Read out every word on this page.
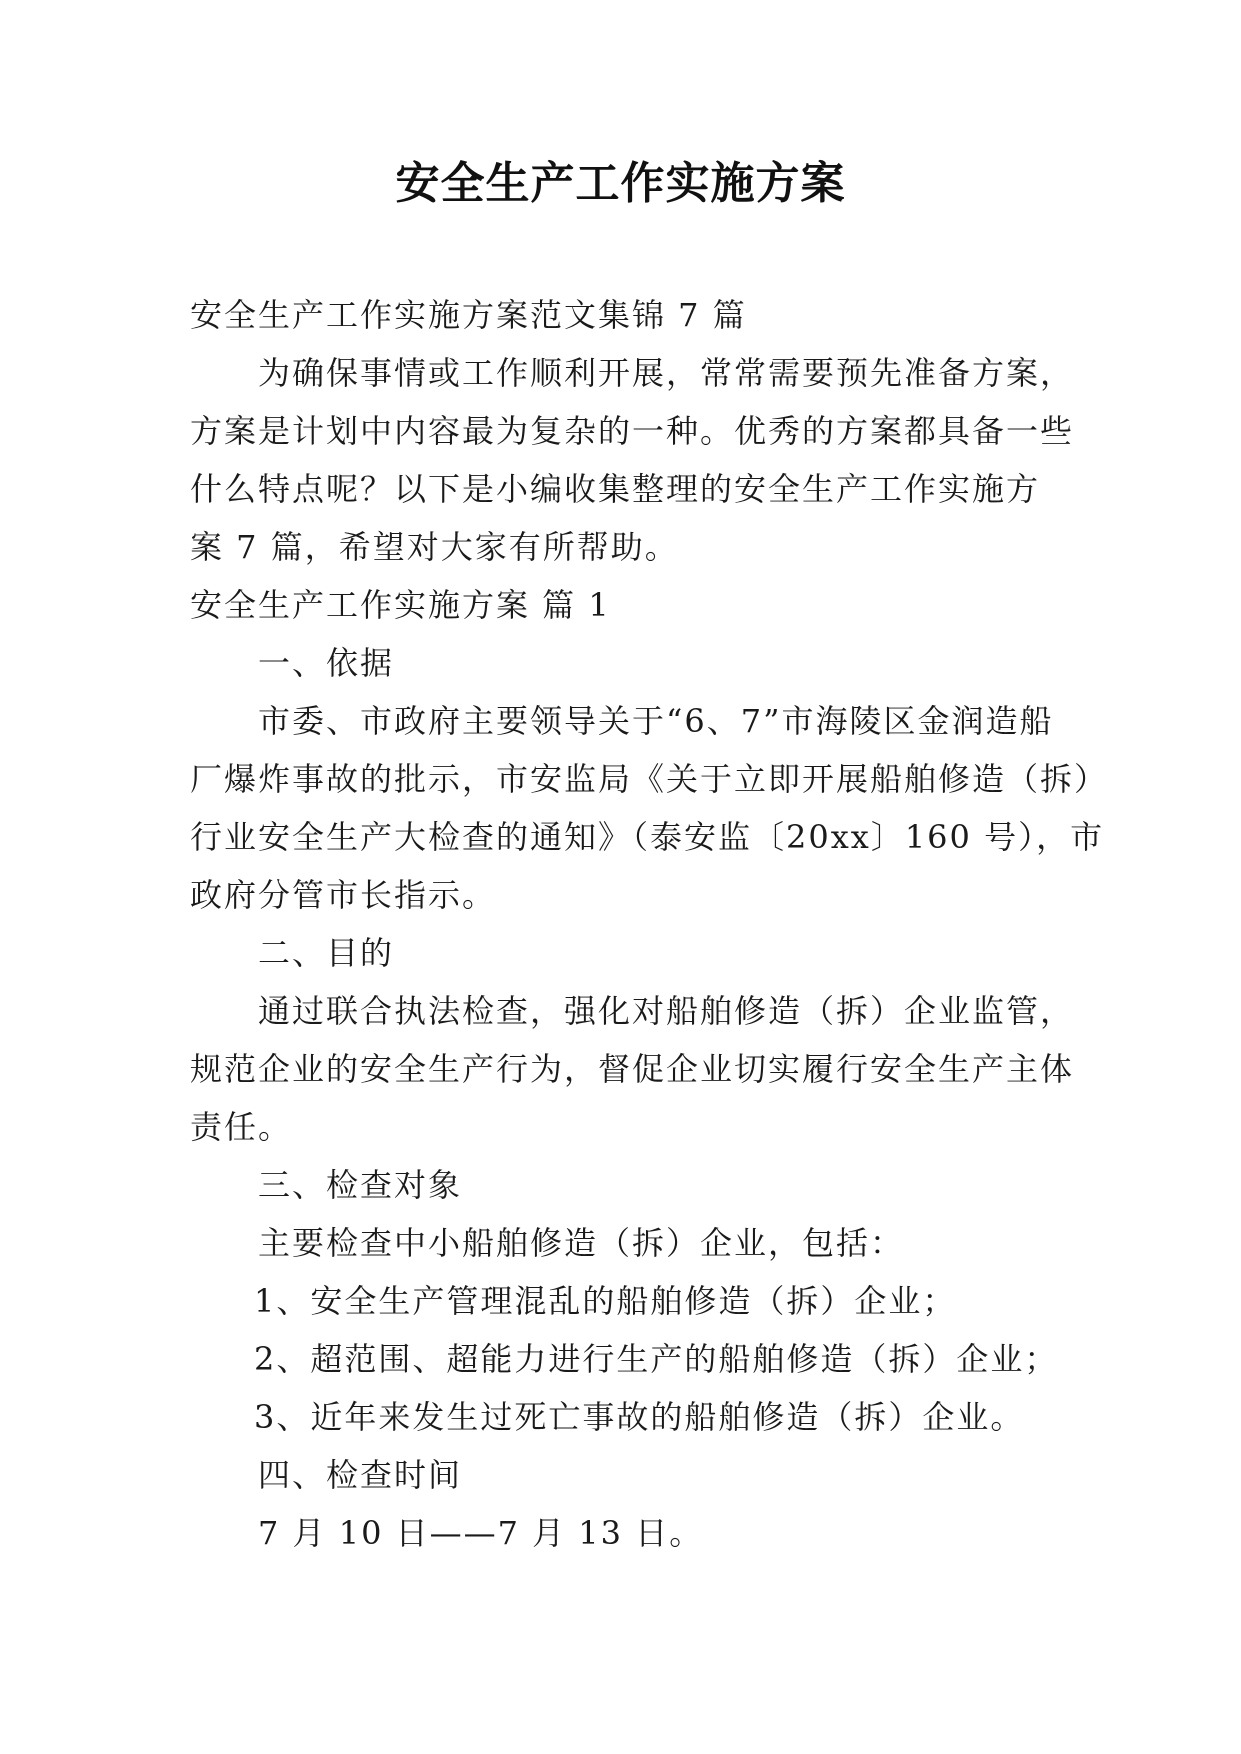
安全生产工作实施方案

安全生产工作实施方案范文集锦 7 篇

为确保事情或工作顺利开展，常常需要预先准备方案，

方案是计划中内容最为复杂的一种。优秀的方案都具备一些

什么特点呢？以下是小编收集整理的安全生产工作实施方

案 7 篇，希望对大家有所帮助。

安全生产工作实施方案 篇 1

一、依据

市委、市政府主要领导关于“6、7”市海陵区金润造船

厂爆炸事故的批示，市安监局《关于立即开展船舶修造（拆）

行业安全生产大检查的通知》（泰安监〔20xx〕160 号），市

政府分管市长指示。

二、目的

通过联合执法检查，强化对船舶修造（拆）企业监管，

规范企业的安全生产行为，督促企业切实履行安全生产主体

责任。

三、检查对象

主要检查中小船舶修造（拆）企业，包括：

1、安全生产管理混乱的船舶修造（拆）企业；

2、超范围、超能力进行生产的船舶修造（拆）企业；

3、近年来发生过死亡事故的船舶修造（拆）企业。

四、检查时间

7 月 10 日——7 月 13 日。
